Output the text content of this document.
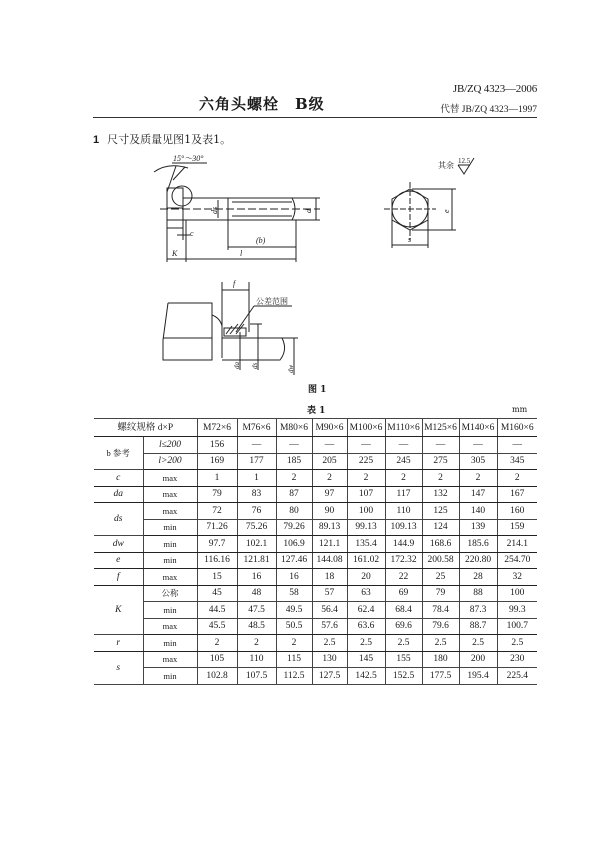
JB/ZQ 4323—2006
代替 JB/ZQ 4323—1997
六角头螺栓　B级
1 尺寸及质量见图1及表1。
15°～30°
ds	d
c
(b)
K	l
其余 12.5
e
s
f
公差范围
da ds	dw
图 1
表 1	mm
螺纹规格 d×P		M72×6	M76×6	M80×6	M90×6	M100×6	M110×6	M125×6	M140×6	M160×6
b 参考	l≤200	156	—	—	—	—	—	—	—	—
	l>200	169	177	185	205	225	245	275	305	345
c	max	1	1	2	2	2	2	2	2	2
da	max	79	83	87	97	107	117	132	147	167
ds	max	72	76	80	90	100	110	125	140	160
	min	71.26	75.26	79.26	89.13	99.13	109.13	124	139	159
dw	min	97.7	102.1	106.9	121.1	135.4	144.9	168.6	185.6	214.1
e	min	116.16	121.81	127.46	144.08	161.02	172.32	200.58	220.80	254.70
f	max	15	16	16	18	20	22	25	28	32
K	公称	45	48	58	57	63	69	79	88	100
	min	44.5	47.5	49.5	56.4	62.4	68.4	78.4	87.3	99.3
	max	45.5	48.5	50.5	57.6	63.6	69.6	79.6	88.7	100.7
r	min	2	2	2	2.5	2.5	2.5	2.5	2.5	2.5
s	max	105	110	115	130	145	155	180	200	230
	min	102.8	107.5	112.5	127.5	142.5	152.5	177.5	195.4	225.4
